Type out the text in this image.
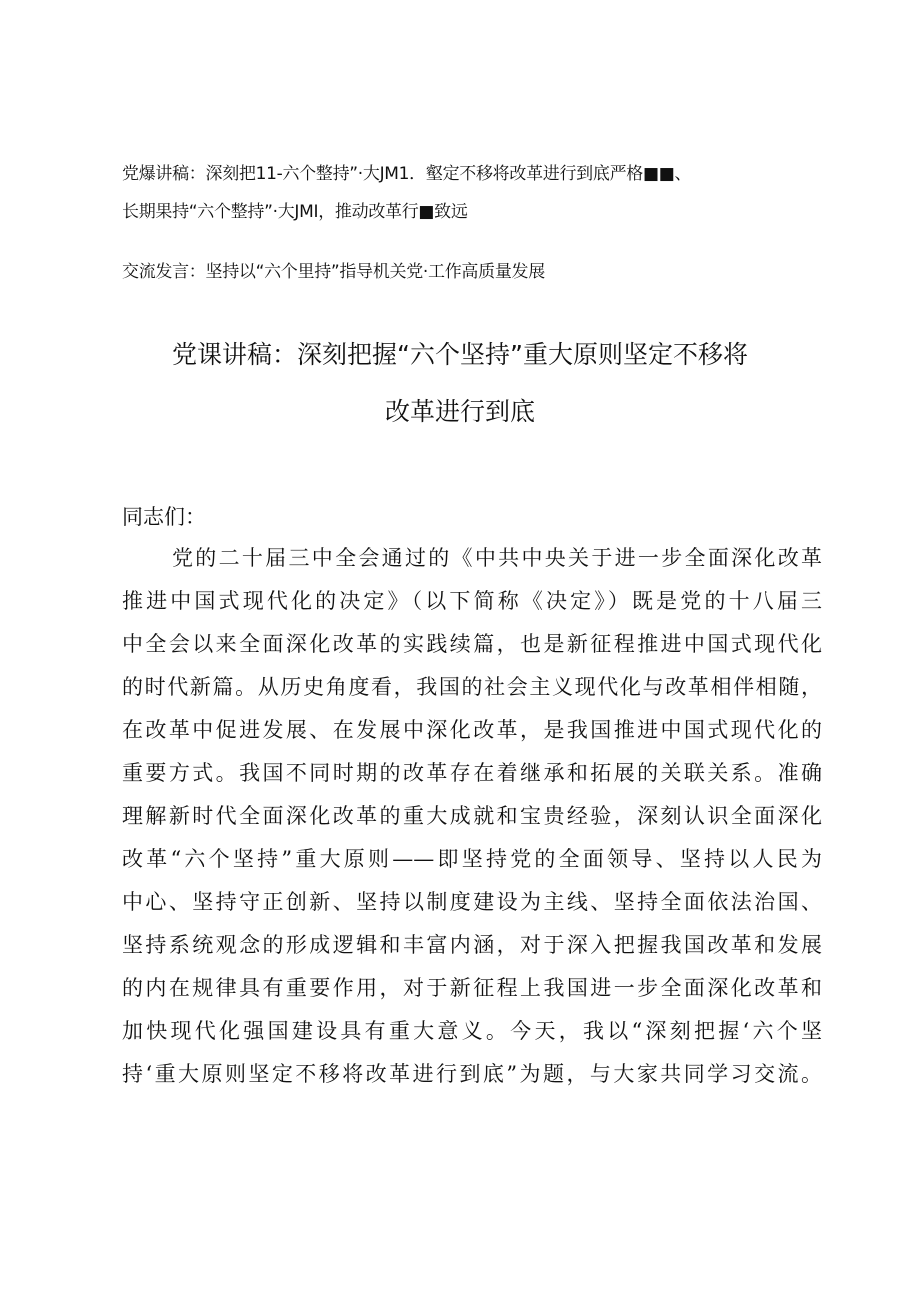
党爆讲稿：深刻把11-六个整持”·大JM1．壑定不移将改革进行到底严格■■、
长期果持“六个整持”·大JMI，推动改革行■致远
交流发言：坚持以“六个里持”指导机关党·工作高质量发展
党课讲稿：深刻把握“六个坚持”重大原则坚定不移将
改革进行到底
同志们：
党的二十届三中全会通过的《中共中央关于进一步全面深化改革
推进中国式现代化的决定》（以下简称《决定》）既是党的十八届三
中全会以来全面深化改革的实践续篇，也是新征程推进中国式现代化
的时代新篇。从历史角度看，我国的社会主义现代化与改革相伴相随，
在改革中促进发展、在发展中深化改革，是我国推进中国式现代化的
重要方式。我国不同时期的改革存在着继承和拓展的关联关系。准确
理解新时代全面深化改革的重大成就和宝贵经验，深刻认识全面深化
改革“六个坚持”重大原则——即坚持党的全面领导、坚持以人民为
中心、坚持守正创新、坚持以制度建设为主线、坚持全面依法治国、
坚持系统观念的形成逻辑和丰富内涵，对于深入把握我国改革和发展
的内在规律具有重要作用，对于新征程上我国进一步全面深化改革和
加快现代化强国建设具有重大意义。今天，我以“深刻把握‘六个坚
持‘重大原则坚定不移将改革进行到底”为题，与大家共同学习交流。
